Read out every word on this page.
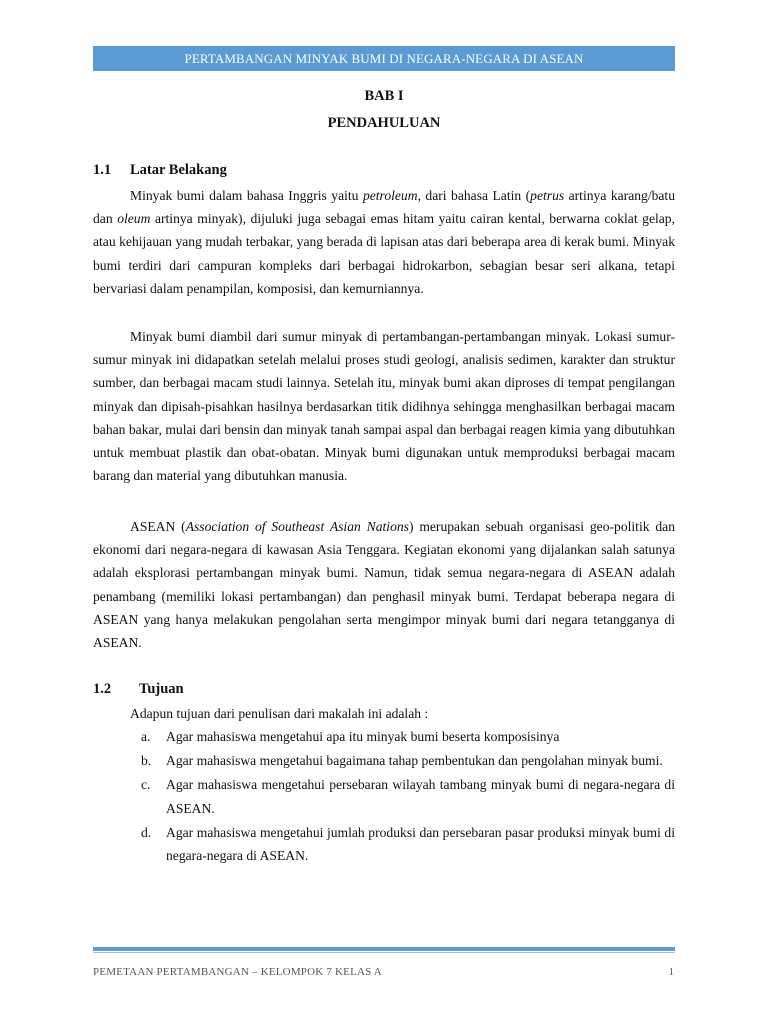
PERTAMBANGAN MINYAK BUMI DI NEGARA-NEGARA DI ASEAN
BAB I
PENDAHULUAN
1.1 Latar Belakang

Minyak bumi dalam bahasa Inggris yaitu petroleum, dari bahasa Latin (petrus artinya karang/batu dan oleum artinya minyak), dijuluki juga sebagai emas hitam yaitu cairan kental, berwarna coklat gelap, atau kehijauan yang mudah terbakar, yang berada di lapisan atas dari beberapa area di kerak bumi. Minyak bumi terdiri dari campuran kompleks dari berbagai hidrokarbon, sebagian besar seri alkana, tetapi bervariasi dalam penampilan, komposisi, dan kemurniannya.

Minyak bumi diambil dari sumur minyak di pertambangan-pertambangan minyak. Lokasi sumur-sumur minyak ini didapatkan setelah melalui proses studi geologi, analisis sedimen, karakter dan struktur sumber, dan berbagai macam studi lainnya. Setelah itu, minyak bumi akan diproses di tempat pengilangan minyak dan dipisah-pisahkan hasilnya berdasarkan titik didihnya sehingga menghasilkan berbagai macam bahan bakar, mulai dari bensin dan minyak tanah sampai aspal dan berbagai reagen kimia yang dibutuhkan untuk membuat plastik dan obat-obatan. Minyak bumi digunakan untuk memproduksi berbagai macam barang dan material yang dibutuhkan manusia.

ASEAN (Association of Southeast Asian Nations) merupakan sebuah organisasi geo-politik dan ekonomi dari negara-negara di kawasan Asia Tenggara. Kegiatan ekonomi yang dijalankan salah satunya adalah eksplorasi pertambangan minyak bumi. Namun, tidak semua negara-negara di ASEAN adalah penambang (memiliki lokasi pertambangan) dan penghasil minyak bumi. Terdapat beberapa negara di ASEAN yang hanya melakukan pengolahan serta mengimpor minyak bumi dari negara tetangganya di ASEAN.

1.2 Tujuan
Adapun tujuan dari penulisan dari makalah ini adalah :
a. Agar mahasiswa mengetahui apa itu minyak bumi beserta komposisinya
b. Agar mahasiswa mengetahui bagaimana tahap pembentukan dan pengolahan minyak bumi.
c. Agar mahasiswa mengetahui persebaran wilayah tambang minyak bumi di negara-negara di ASEAN.
d. Agar mahasiswa mengetahui jumlah produksi dan persebaran pasar produksi minyak bumi di negara-negara di ASEAN.
PEMETAAN PERTAMBANGAN – KELOMPOK 7 KELAS A	1
